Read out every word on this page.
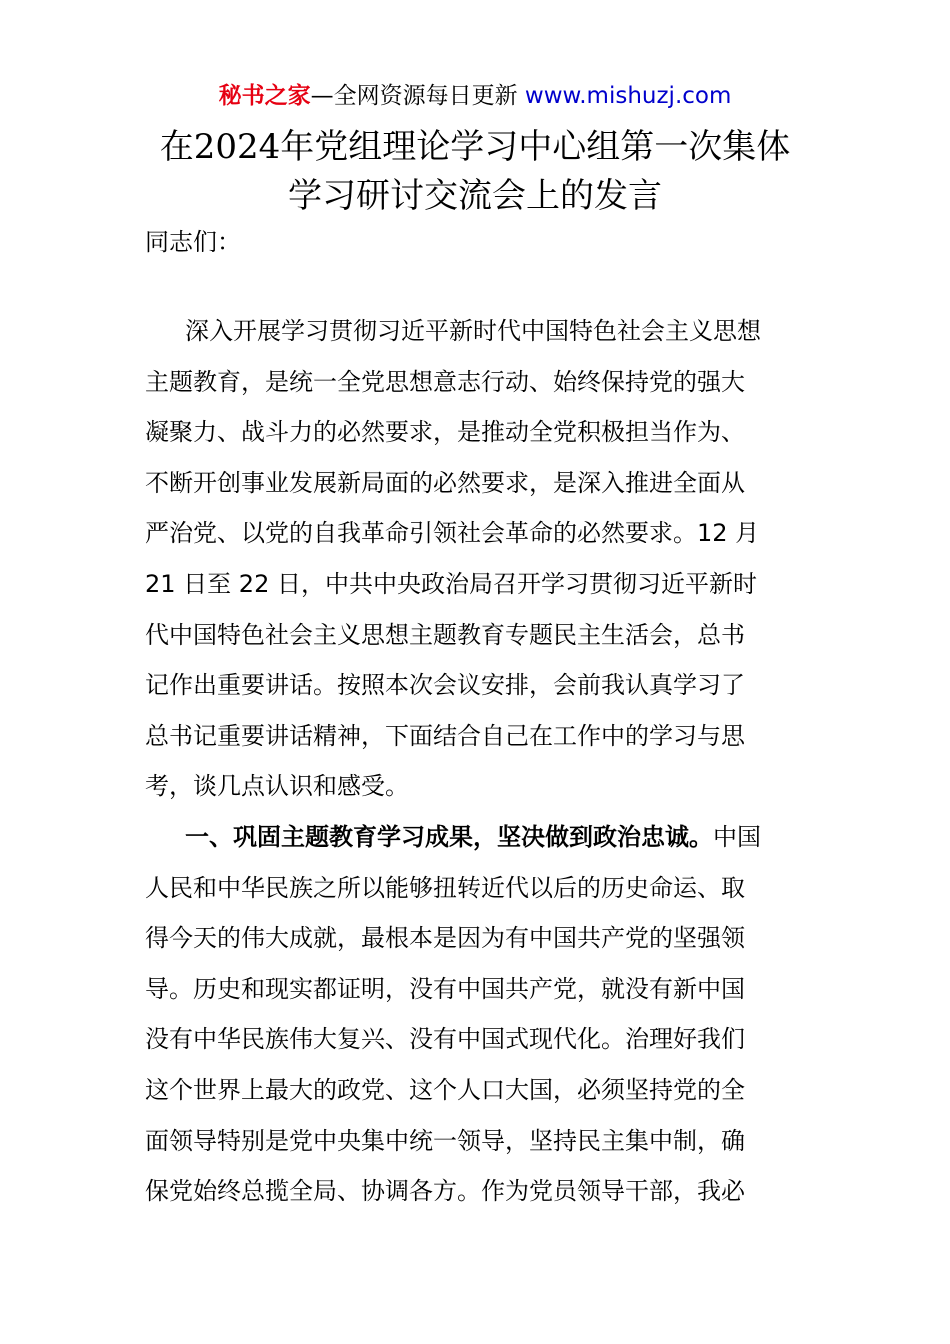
秘书之家—全网资源每日更新 www.mishuzj.com
在2024年党组理论学习中心组第一次集体
学习研讨交流会上的发言
同志们：
深入开展学习贯彻习近平新时代中国特色社会主义思想
主题教育，是统一全党思想意志行动、始终保持党的强大
凝聚力、战斗力的必然要求，是推动全党积极担当作为、
不断开创事业发展新局面的必然要求，是深入推进全面从
严治党、以党的自我革命引领社会革命的必然要求。12 月
21 日至 22 日，中共中央政治局召开学习贯彻习近平新时
代中国特色社会主义思想主题教育专题民主生活会，总书
记作出重要讲话。按照本次会议安排，会前我认真学习了
总书记重要讲话精神，下面结合自己在工作中的学习与思
考，谈几点认识和感受。
一、巩固主题教育学习成果，坚决做到政治忠诚。中国
人民和中华民族之所以能够扭转近代以后的历史命运、取
得今天的伟大成就，最根本是因为有中国共产党的坚强领
导。历史和现实都证明，没有中国共产党，就没有新中国
没有中华民族伟大复兴、没有中国式现代化。治理好我们
这个世界上最大的政党、这个人口大国，必须坚持党的全
面领导特别是党中央集中统一领导，坚持民主集中制，确
保党始终总揽全局、协调各方。作为党员领导干部，我必
